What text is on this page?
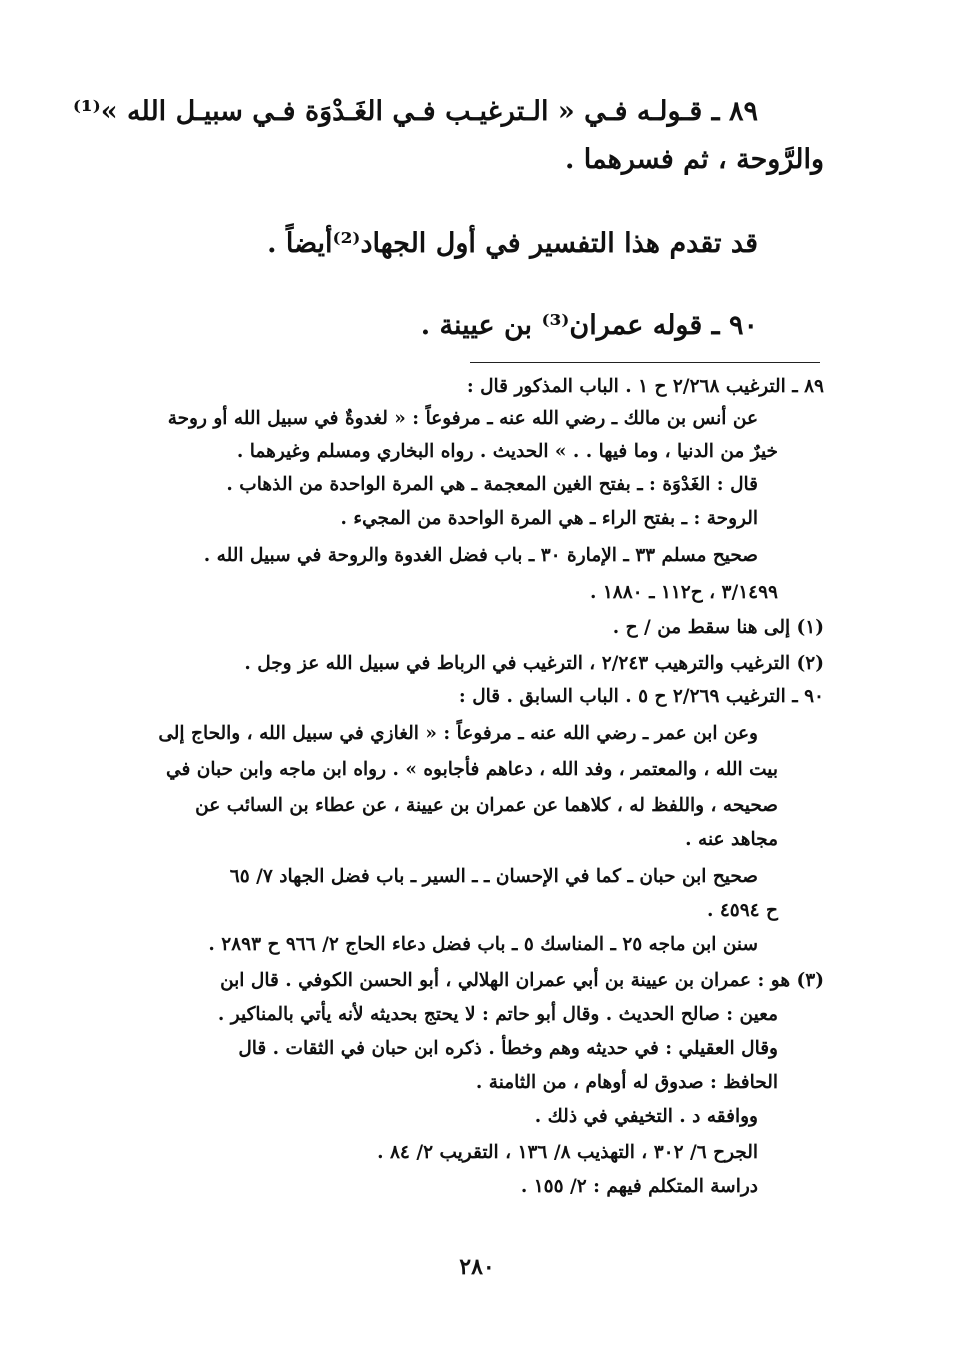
٨٩ ـ قـولـه فـي « الـترغيـب فـي الغَـدْوَة فـي سبيـل الله »⁽¹⁾
والرَّوحة ، ثم فسرهما .
قد تقدم هذا التفسير في أول الجهاد⁽²⁾أيضاً .
٩٠ ـ قوله عمران⁽³⁾ بن عيينة .
٨٩ ـ الترغيب ٢/٢٦٨ ح ١ . الباب المذكور قال :
عن أنس بن مالك ـ رضي الله عنه ـ مرفوعاً : « لغدوةٌ في سبيل الله أو روحة
خيرٌ من الدنيا ، وما فيها . . » الحديث . رواه البخاري ومسلم وغيرهما .
قال : الغَدْوَة : ـ بفتح الغين المعجمة ـ هي المرة الواحدة من الذهاب .
الروحة : ـ بفتح الراء ـ هي المرة الواحدة من المجيء .
صحيح مسلم ٣٣ ـ الإمارة ٣٠ ـ باب فضل الغدوة والروحة في سبيل الله .
٣/١٤٩٩ ، ح١١٢ ـ ١٨٨٠ .
(١) إلى هنا سقط من / ح .
(٢) الترغيب والترهيب ٢/٢٤٣ ، الترغيب في الرباط في سبيل الله عز وجل .
٩٠ ـ الترغيب ٢/٢٦٩ ح ٥ . الباب السابق . قال :
وعن ابن عمر ـ رضي الله عنه ـ مرفوعاً : « الغازي في سبيل الله ، والحاج إلى
بيت الله ، والمعتمر ، وفد الله ، دعاهم فأجابوه » . رواه ابن ماجه وابن حبان في
صحيحه ، واللفظ له ، كلاهما عن عمران بن عيينة ، عن عطاء بن السائب عن
مجاهد عنه .
صحيح ابن حبان ـ كما في الإحسان ـ ـ السير ـ باب فضل الجهاد ٧/ ٦٥
ح ٤٥٩٤ .
سنن ابن ماجه ٢٥ ـ المناسك ٥ ـ باب فضل دعاء الحاج ٢/ ٩٦٦ ح ٢٨٩٣ .
(٣) هو : عمران بن عيينة بن أبي عمران الهلالي ، أبو الحسن الكوفي . قال ابن
معين : صالح الحديث . وقال أبو حاتم : لا يحتج بحديثه لأنه يأتي بالمناكير .
وقال العقيلي : في حديثه وهم وخطأ . ذكره ابن حبان في الثقات . قال
الحافظ : صدوق له أوهام ، من الثامنة .
ووافقه د . التخيفي في ذلك .
الجرح ٦/ ٣٠٢ ، التهذيب ٨/ ١٣٦ ، التقريب ٢/ ٨٤ .
دراسة المتكلم فيهم : ٢/ ١٥٥ .
٢٨٠
